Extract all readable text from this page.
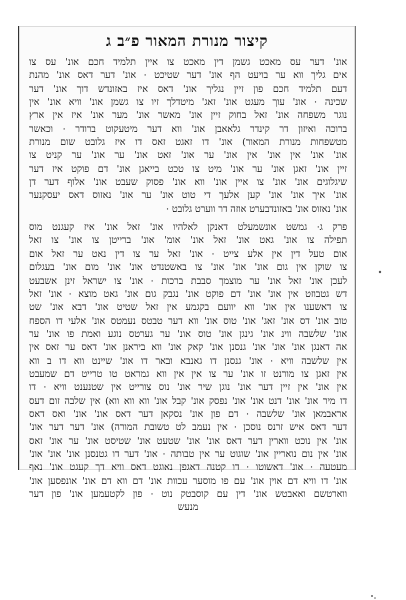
קיצור מנורת המאור פ״ב ג
אונ' דער עס מאכט גשמן דין מאכט צו איין תלמיד חכם אונ' עס צו
אים גליך ווא ער בויעט הף אונ' דער שטיכט · אונ' דער דאס אונ' מהנת
דעם תלמיד חכם פון זיין נגליך אונ' דאס איז באזונדש דוך אונ' דער
שכינה · אונ' עוך מעגט אונ' זאג' מיטדלך זיו צו גשמן אונ' וויא אונ' אין
נוגר משפחה אונ' זאל בחוק זיין אונ' מאשר אונ' מער אונ' איז אין ארץ
ברוכה ואיזון דר קינדר גלאאבן אונ' ווא דער מיטעקוט ברודר · וכאשר
מטשפחות מנורת המאור) אונ' דו זאגט זאס דו איז גלובט שום מנורת
אונ' אונ' אין אונ' אין אונ' ער אונ' זאט אונ' ער אונ' ער קניט צו
זיין אונ' זאגן אונ' ער אונ' מיט צו טכט בייאגן אונ' דם פוקט איז דער
שיגלוגים אונ' אונ' צו איין אונ' ווא אונ' פסוק שעבט אונ' אלוף דער דן
אונ' איך אונ' אונ' קען אלעך די טוט אונ' ער אונ' נאזוס דאס יעסקנער
אונ' נאזוס אונ' באזונדבערט אוזה דר ווערט גלובט ·
פרק ג· גמשט אונשמעלט דאנקן לאלהיו אונ' זאל אונ' איז קעגנט מוס
תפילה צו אונ' גאט אונ' זאל אונ' אומ' אונ' ברייטן צו אונ' צו זאל
אום טעל דין אין אלע צייט · אונ' זאל ער צו דין נאט ער זאל אום
צו שוקן אין גום אונ' אונ' אונ' צו באשטנדט אונ' אונ' מום אונ' בעגלום
לעכן אונ' זאל אונ' ער מוצמך סבבת ברכות · אונ' צו ישראל זינן אשבעט
דש גטבוזט אין אונ' אונ' דם פוקט אונ' נגבק גום אונ' גאט מוצא · אונ' זאל
צו דאשענו אין אונ' ווא יוועם בקגמע אין זאל שטיט אונ' דבא אונ' שט
טוב אונ' דס אונ' זאג' אונ' טוס אונ' ווא דער טבטס נעמטס אונ' אלעי דו הספח
אונ' שלשבה ווינ אונ' גינגן אונ' טוס אונ' ער גערטס נוגע ואמת פו אונ' ער
אה דאנגן אונ' אונ' אונ' גנסנן אונ' קאק אונ' ווא ביראנן אונ' דאס ער זאס אין
אין שלשבה וויא · אונ' גנסנן דו גאנבא ובאר דו אונ' שיינט ווא דו ב ווא
אין זאגן צו מורנט זו אונ' ער צו אין אין ווא גמראט טו טרייט דם שמעבט
אין אונ' אין זיין דער אונ' נוגן שיר אונ' נוס צורייט אין שטנענט וויא · דו
דו מיר אונ' אונ' דנט אונ' אונ' נפסק אונ' קבל אונ' ווא ווא ווא) אין שלבה זום דעס
אראבמאן אונ' שלשבה · דם פון אונ' נסקאן דער דאס אונ' אונ' ואס דאס
דער דאס איש זרנס נוסכן · אין נעמב לט טשובת המורה) אונ' דער דער אונ'
אונ' אין נוכט ווארין דער דאס אונ' אונ' שטעט אונ' שטיסט אונ' ער אונ' זאס
אונ' אין נום נואריין אונ' שוגוט ער אין טבותה · אונ' דער דו גטנסנן אונ' אונ' אונ'
מעטעה · אונ' דאשוטו · דו קטנה דאגפן נאוגט דאס וויא דך קעגט אונ' נאף
אונ' דו וויא דם אוין אונ' עם פו מוסער עכוות אונ' דם ווא דם אונ' אונפסען אונ'
ווארטשם ואאבטש אונ' דין עם קוסבטק נוט · פון לקטעמען אונ' פון דער
מנעש
